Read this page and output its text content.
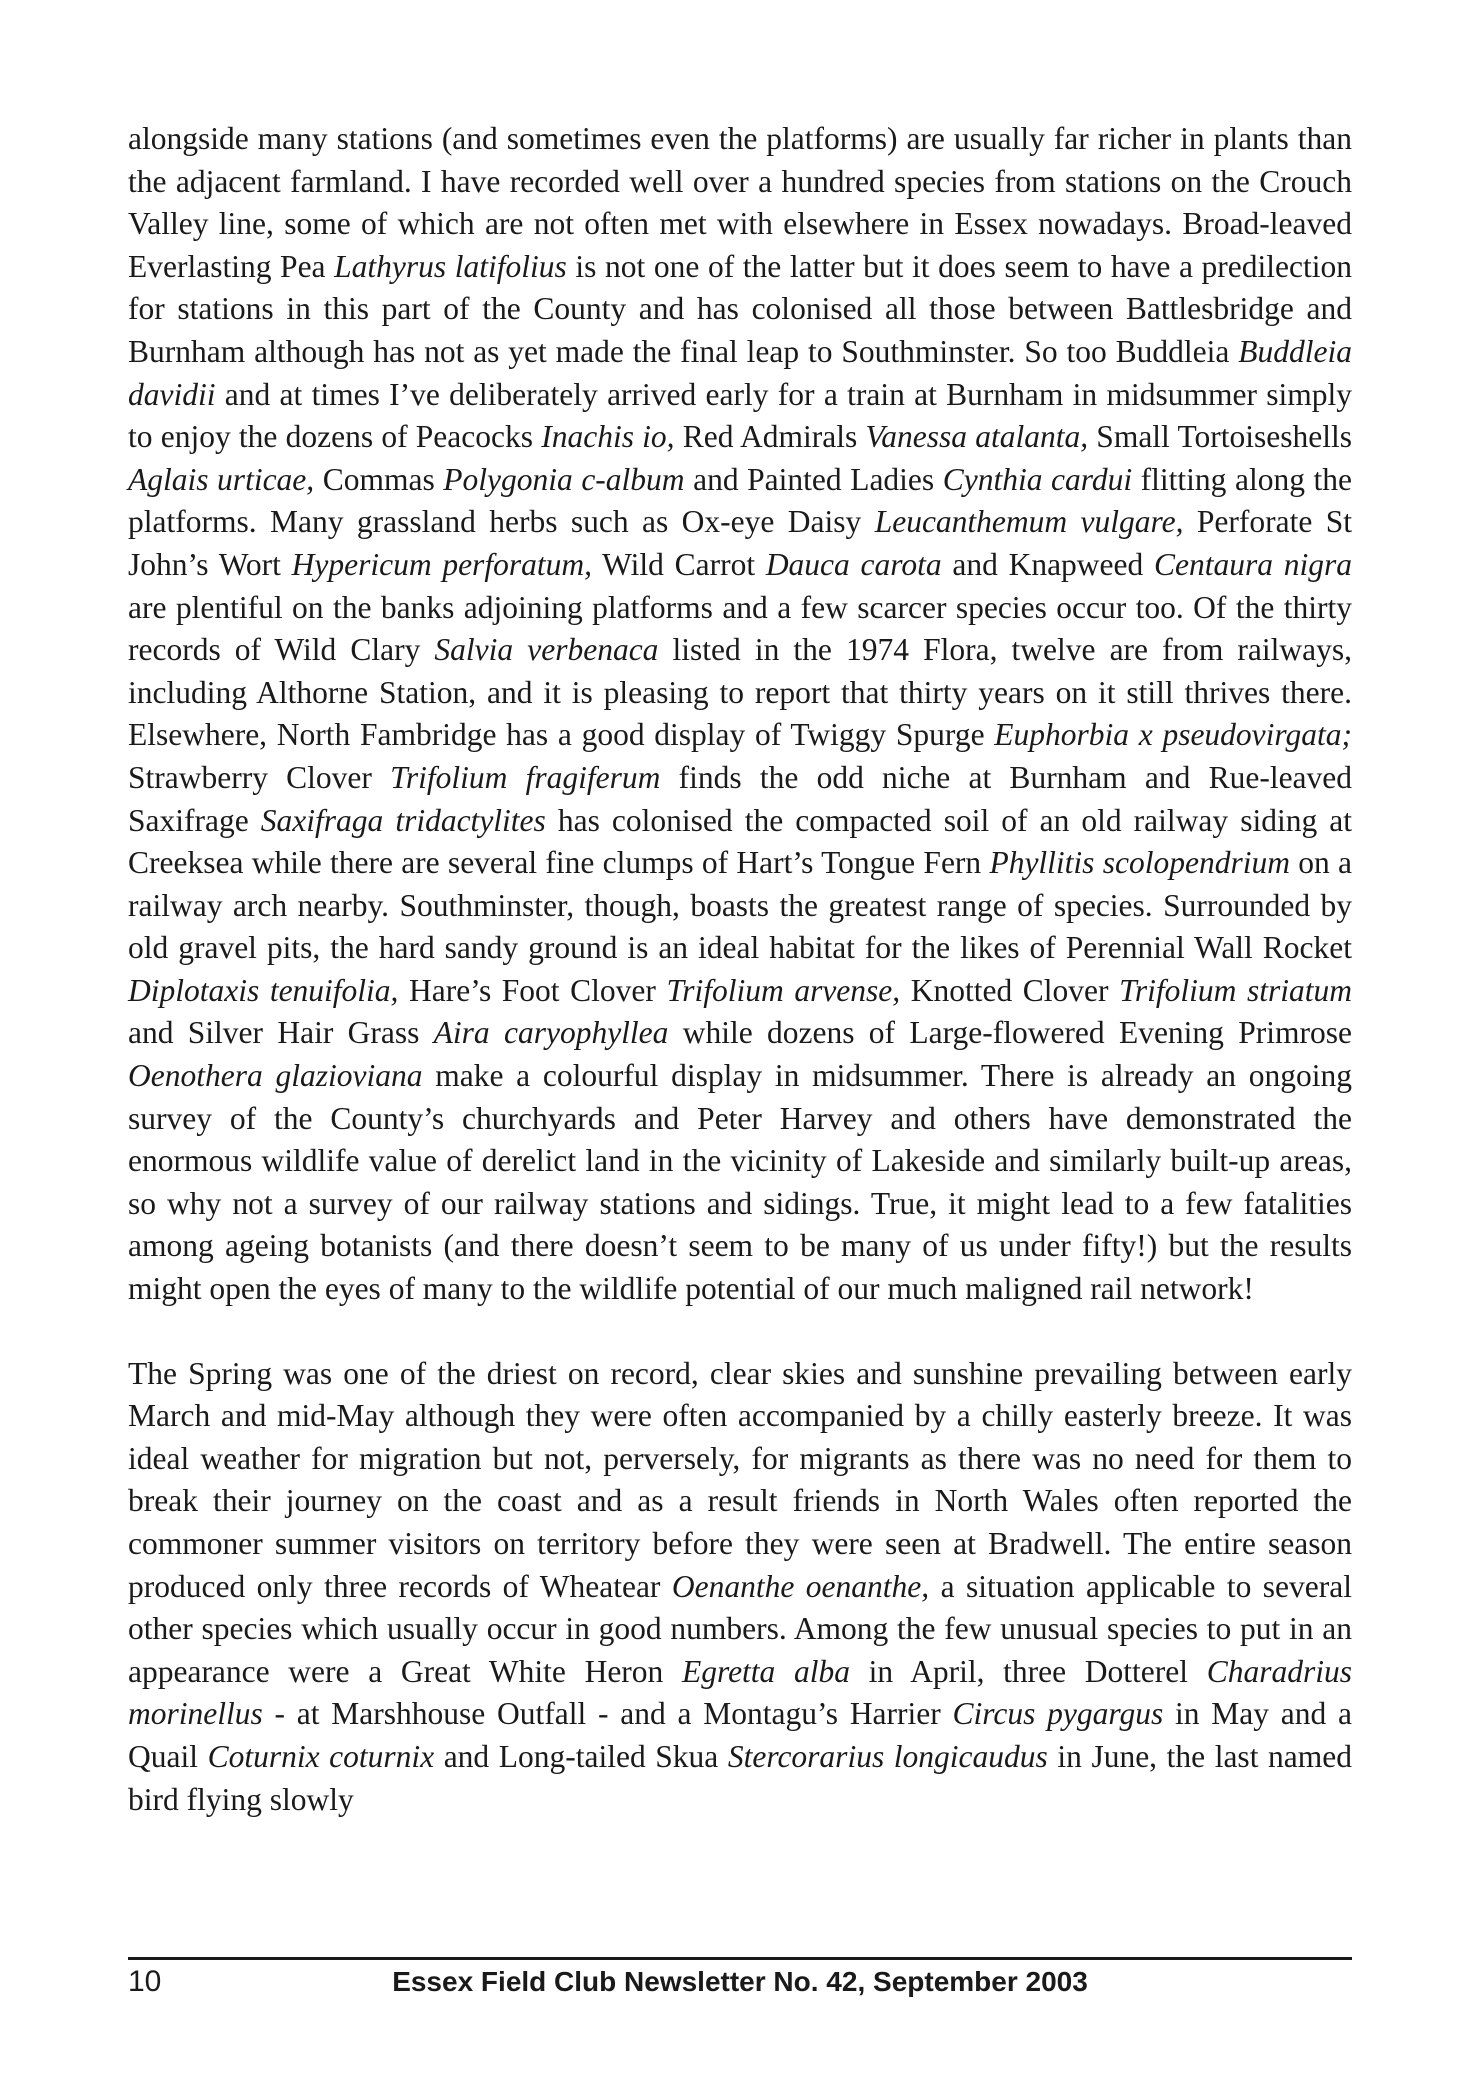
alongside many stations (and sometimes even the platforms) are usually far richer in plants than the adjacent farmland. I have recorded well over a hundred species from stations on the Crouch Valley line, some of which are not often met with elsewhere in Essex nowadays. Broad-leaved Everlasting Pea Lathyrus latifolius is not one of the latter but it does seem to have a predilection for stations in this part of the County and has colonised all those between Battlesbridge and Burnham although has not as yet made the final leap to Southminster. So too Buddleia Buddleia davidii and at times I’ve deliberately arrived early for a train at Burnham in midsummer simply to enjoy the dozens of Peacocks Inachis io, Red Admirals Vanessa atalanta, Small Tortoiseshells Aglais urticae, Commas Polygonia c-album and Painted Ladies Cynthia cardui flitting along the platforms. Many grassland herbs such as Ox-eye Daisy Leucanthemum vulgare, Perforate St John’s Wort Hypericum perforatum, Wild Carrot Dauca carota and Knapweed Centaura nigra are plentiful on the banks adjoining platforms and a few scarcer species occur too. Of the thirty records of Wild Clary Salvia verbenaca listed in the 1974 Flora, twelve are from railways, including Althorne Station, and it is pleasing to report that thirty years on it still thrives there. Elsewhere, North Fambridge has a good display of Twiggy Spurge Euphorbia x pseudovirgata; Strawberry Clover Trifolium fragiferum finds the odd niche at Burnham and Rue-leaved Saxifrage Saxifraga tridactylites has colonised the compacted soil of an old railway siding at Creeksea while there are several fine clumps of Hart’s Tongue Fern Phyllitis scolopendrium on a railway arch nearby. Southminster, though, boasts the greatest range of species. Surrounded by old gravel pits, the hard sandy ground is an ideal habitat for the likes of Perennial Wall Rocket Diplotaxis tenuifolia, Hare’s Foot Clover Trifolium arvense, Knotted Clover Trifolium striatum and Silver Hair Grass Aira caryophyllea while dozens of Large-flowered Evening Primrose Oenothera glazioviana make a colourful display in midsummer. There is already an ongoing survey of the County’s churchyards and Peter Harvey and others have demonstrated the enormous wildlife value of derelict land in the vicinity of Lakeside and similarly built-up areas, so why not a survey of our railway stations and sidings. True, it might lead to a few fatalities among ageing botanists (and there doesn’t seem to be many of us under fifty!) but the results might open the eyes of many to the wildlife potential of our much maligned rail network!

The Spring was one of the driest on record, clear skies and sunshine prevailing between early March and mid-May although they were often accompanied by a chilly easterly breeze. It was ideal weather for migration but not, perversely, for migrants as there was no need for them to break their journey on the coast and as a result friends in North Wales often reported the commoner summer visitors on territory before they were seen at Bradwell. The entire season produced only three records of Wheatear Oenanthe oenanthe, a situation applicable to several other species which usually occur in good numbers. Among the few unusual species to put in an appearance were a Great White Heron Egretta alba in April, three Dotterel Charadrius morinellus - at Marshhouse Outfall - and a Montagu’s Harrier Circus pygargus in May and a Quail Coturnix coturnix and Long-tailed Skua Stercorarius longicaudus in June, the last named bird flying slowly

10	Essex Field Club Newsletter No. 42, September 2003
